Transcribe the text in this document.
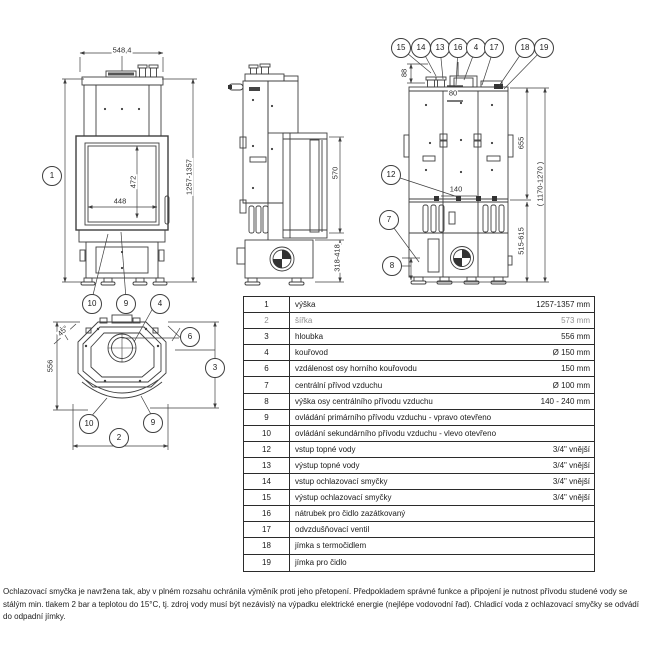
1
10	9	4
6
3
10	9
2
15	14	13	16	4	17	18	19
12
7
8
548,4
1257-1357
472
448
570
318-418
88
80
655
( 1170-1270 )
140
515-615
556
45°
1	výška	1257-1357 mm
2	šířka	573 mm
3	hloubka	556 mm
4	kouřovod	Ø 150 mm
6	vzdálenost osy horního kouřovodu	150 mm
7	centrální přívod vzduchu	Ø 100 mm
8	výška osy centrálního přívodu vzduchu	140 - 240 mm
9	ovládání primárního přívodu vzduchu - vpravo otevřeno
10	ovládání sekundárního přívodu vzduchu - vlevo otevřeno
12	vstup topné vody	3/4" vnější
13	výstup topné vody	3/4" vnější
14	vstup ochlazovací smyčky	3/4" vnější
15	výstup ochlazovací smyčky	3/4" vnější
16	nátrubek pro čidlo zazátkovaný
17	odvzdušňovací ventil
18	jímka s termočidlem
19	jímka pro čidlo
Ochlazovací smyčka je navržena tak, aby v plném rozsahu ochránila výměník proti jeho přetopení. Předpokladem správné funkce a připojení je nutnost přívodu studené vody se stálým min. tlakem 2 bar a teplotou do 15°C, tj. zdroj vody musí být nezávislý na výpadku elektrické energie (nejlépe vodovodní řad). Chladicí voda z ochlazovací smyčky se odvádí do odpadní jímky.
